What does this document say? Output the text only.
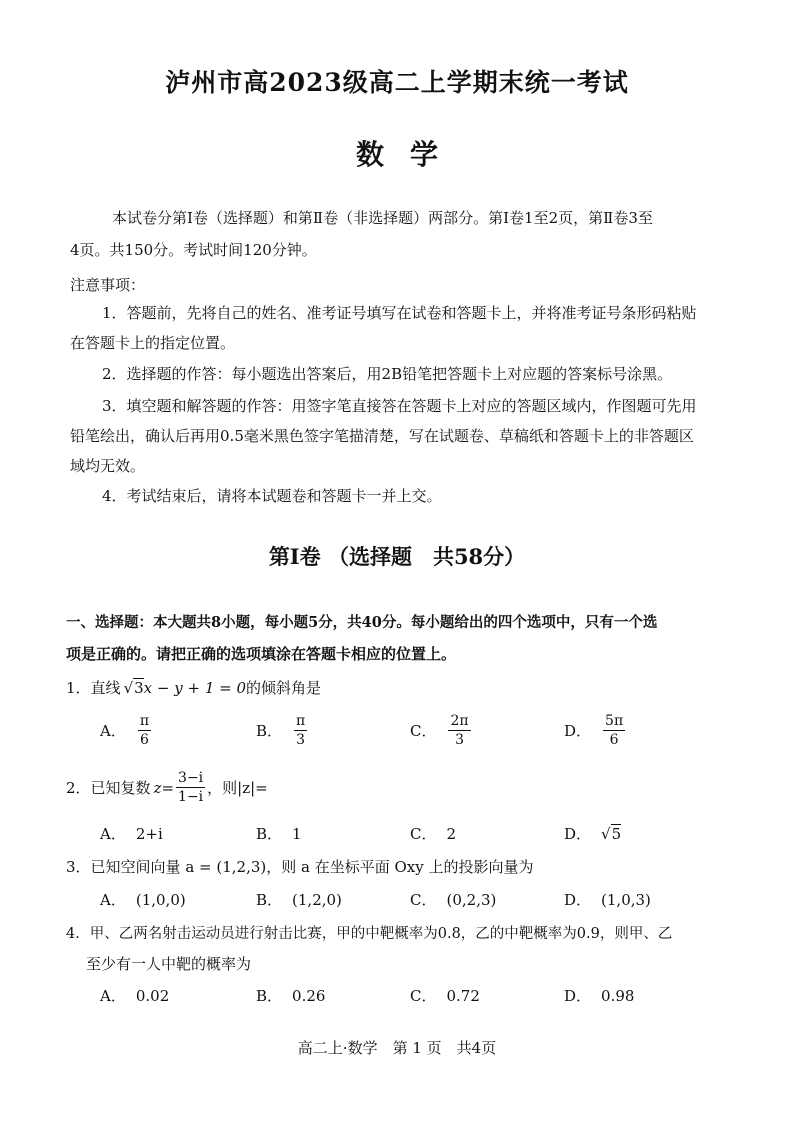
泸州市高2023级高二上学期末统一考试
数学
本试卷分第Ⅰ卷（选择题）和第Ⅱ卷（非选择题）两部分。第Ⅰ卷1至2页，第Ⅱ卷3至
4页。共150分。考试时间120分钟。
注意事项：
1．答题前，先将自己的姓名、准考证号填写在试卷和答题卡上，并将准考证号条形码粘贴
在答题卡上的指定位置。
2．选择题的作答：每小题选出答案后，用2B铅笔把答题卡上对应题的答案标号涂黑。
3．填空题和解答题的作答：用签字笔直接答在答题卡上对应的答题区域内，作图题可先用
铅笔绘出，确认后再用0.5毫米黑色签字笔描清楚，写在试题卷、草稿纸和答题卡上的非答题区
域均无效。
4．考试结束后，请将本试题卷和答题卡一并上交。
第Ⅰ卷 （选择题　共58分）
一、选择题：本大题共8小题，每小题5分，共40分。每小题给出的四个选项中，只有一个选
项是正确的。请把正确的选项填涂在答题卡相应的位置上。
1．直线 √3x − y + 1 = 0的倾斜角是
A． $\frac{\pi}{6}$	B． $\frac{\pi}{3}$	C． $\frac{2\pi}{3}$	D． $\frac{5\pi}{6}$
2． 已知复数 $z = \frac{3-i}{1-i}$ ，则|z|=
A． 2+i	B． 1	C． 2	D． √ 5
3．已知空间向量 a = (1,2,3)，则 a 在坐标平面 Oxy 上的投影向量为
A． (1,0,0)	B． (1,2,0)	C． (0,2,3)	D． (1,0,3)
4．甲、乙两名射击运动员进行射击比赛，甲的中靶概率为0.8，乙的中靶概率为0.9，则甲、乙
至少有一人中靶的概率为
A． 0.02	B． 0.26	C． 0.72	D． 0.98
高二上·数学　第 1 页　共4页
